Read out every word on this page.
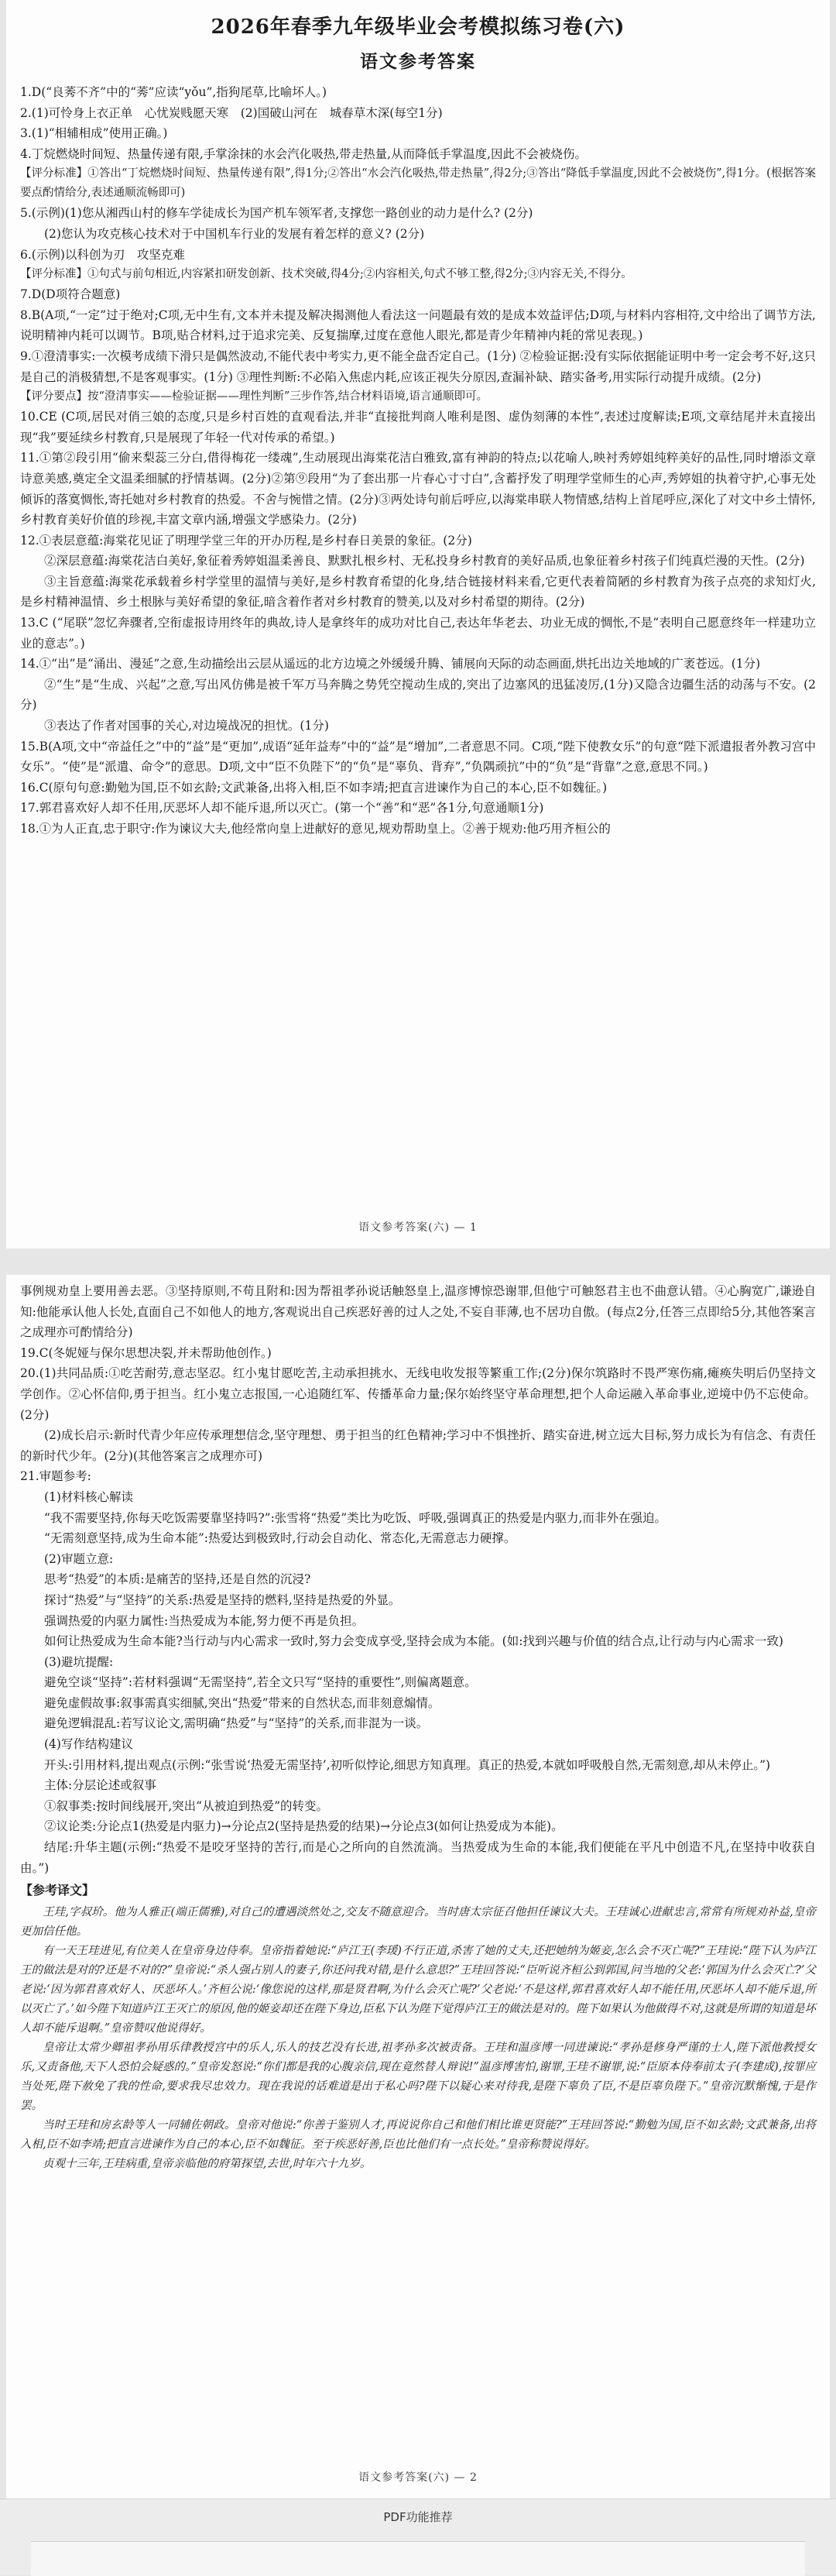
2026年春季九年级毕业会考模拟练习卷(六)
语文参考答案

1.D(“良莠不齐”中的“莠”应读“yǒu”,指狗尾草,比喻坏人。)

2.(1)可怜身上衣正单　心忧炭贱愿天寒　(2)国破山河在　城春草木深(每空1分)

3.(1)“相辅相成”使用正确。)

4.丁烷燃烧时间短、热量传递有限,手掌涂抹的水会汽化吸热,带走热量,从而降低手掌温度,因此不会被烧伤。

【评分标准】①答出“丁烷燃烧时间短、热量传递有限”,得1分;②答出“水会汽化吸热,带走热量”,得2分;③答出“降低手掌温度,因此不会被烧伤”,得1分。(根据答案要点酌情给分,表述通顺流畅即可)

5.(示例)(1)您从湘西山村的修车学徒成长为国产机车领军者,支撑您一路创业的动力是什么? (2分)

(2)您认为攻克核心技术对于中国机车行业的发展有着怎样的意义? (2分)

6.(示例)以科创为刃　攻坚克难

【评分标准】①句式与前句相近,内容紧扣研发创新、技术突破,得4分;②内容相关,句式不够工整,得2分;③内容无关,不得分。

7.D(D项符合题意)

8.B(A项,“一定”过于绝对;C项,无中生有,文本并未提及解决揭测他人看法这一问题最有效的是成本效益评估;D项,与材料内容相符,文中给出了调节方法,说明精神内耗可以调节。B项,贴合材料,过于追求完美、反复揣摩,过度在意他人眼光,都是青少年精神内耗的常见表现。)

9.①澄清事实:一次模考成绩下滑只是偶然波动,不能代表中考实力,更不能全盘否定自己。(1分) ②检验证据:没有实际依据能证明中考一定会考不好,这只是自己的消极猜想,不是客观事实。(1分) ③理性判断:不必陷入焦虑内耗,应该正视失分原因,查漏补缺、踏实备考,用实际行动提升成绩。(2分)

【评分要点】按“澄清事实——检验证据——理性判断”三步作答,结合材料语境,语言通顺即可。

10.CE (C项,居民对俏三娘的态度,只是乡村百姓的直观看法,并非“直接批判商人唯利是图、虚伪刻薄的本性”,表述过度解读;E项,文章结尾并未直接出现“我”要延续乡村教育,只是展现了年轻一代对传承的希望。)

11.①第②段引用“偷来梨蕊三分白,借得梅花一缕魂”,生动展现出海棠花洁白雅致,富有神韵的特点;以花喻人,映衬秀婷姐纯粹美好的品性,同时增添文章诗意美感,奠定全文温柔细腻的抒情基调。(2分)②第⑨段用“为了套出那一片春心寸寸白”,含蓄抒发了明理学堂师生的心声,秀婷姐的执着守护,心事无处倾诉的落寞惆怅,寄托她对乡村教育的热爱。不舍与惋惜之情。(2分)③两处诗句前后呼应,以海棠串联人物情感,结构上首尾呼应,深化了对文中乡土情怀,乡村教育美好价值的珍视,丰富文章内涵,增强文学感染力。(2分)

12.①表层意蕴:海棠花见证了明理学堂三年的开办历程,是乡村春日美景的象征。(2分)

②深层意蕴:海棠花洁白美好,象征着秀婷姐温柔善良、默默扎根乡村、无私投身乡村教育的美好品质,也象征着乡村孩子们纯真烂漫的天性。(2分)

③主旨意蕴:海棠花承载着乡村学堂里的温情与美好,是乡村教育希望的化身,结合链接材料来看,它更代表着简陋的乡村教育为孩子点亮的求知灯火,是乡村精神温情、乡土根脉与美好希望的象征,暗含着作者对乡村教育的赞美,以及对乡村希望的期待。(2分)

13.C (“尾联”忽忆奔骤者,空衔虚报诗用终年的典故,诗人是拿终年的成功对比自己,表达年华老去、功业无成的惆怅,不是“表明自己愿意终年一样建功立业的意志”。)

14.①“出”是“涌出、漫延”之意,生动描绘出云层从遥远的北方边境之外缓缓升腾、铺展向天际的动态画面,烘托出边关地域的广袤苍远。(1分)

②“生”是“生成、兴起”之意,写出风仿佛是被千军万马奔腾之势凭空搅动生成的,突出了边塞风的迅猛凌厉,(1分)又隐含边疆生活的动荡与不安。(2分)

③表达了作者对国事的关心,对边境战况的担忧。(1分)

15.B(A项,文中“帝益任之”中的“益”是“更加”,成语“延年益寿”中的“益”是“增加”,二者意思不同。C项,“陛下使教女乐”的句意“陛下派遣报者外教习宫中女乐”。“使”是“派遣、命令”的意思。D项,文中“臣不负陛下”的“负”是“辜负、背弃”,“负隅顽抗”中的“负”是“背靠”之意,意思不同。)

16.C(原句句意:勤勉为国,臣不如玄龄;文武兼备,出将入相,臣不如李靖;把直言进谏作为自己的本心,臣不如魏征。)

17.郭君喜欢好人却不任用,厌恶坏人却不能斥退,所以灭亡。(第一个“善”和“恶”各1分,句意通顺1分)

18.①为人正直,忠于职守:作为谏议大夫,他经常向皇上进献好的意见,规劝帮助皇上。②善于规劝:他巧用齐桓公的

语文参考答案(六) — 1

事例规劝皇上要用善去恶。③坚持原则,不苟且附和:因为帮祖孝孙说话触怒皇上,温彦博惊恐谢罪,但他宁可触怒君主也不曲意认错。④心胸宽广,谦逊自知:他能承认他人长处,直面自己不如他人的地方,客观说出自己疾恶好善的过人之处,不妄自菲薄,也不居功自傲。(每点2分,任答三点即给5分,其他答案言之成理亦可酌情给分)

19.C(冬妮娅与保尔思想决裂,并未帮助他创作。)

20.(1)共同品质:①吃苦耐劳,意志坚忍。红小鬼甘愿吃苦,主动承担挑水、无线电收发报等繁重工作;(2分)保尔筑路时不畏严寒伤痛,瘫痪失明后仍坚持文学创作。②心怀信仰,勇于担当。红小鬼立志报国,一心追随红军、传播革命力量;保尔始终坚守革命理想,把个人命运融入革命事业,逆境中仍不忘使命。(2分)

(2)成长启示:新时代青少年应传承理想信念,坚守理想、勇于担当的红色精神;学习中不惧挫折、踏实奋进,树立远大目标,努力成长为有信念、有责任的新时代少年。(2分)(其他答案言之成理亦可)

21.审题参考:

(1)材料核心解读

“我不需要坚持,你每天吃饭需要靠坚持吗?”:张雪将“热爱”类比为吃饭、呼吸,强调真正的热爱是内驱力,而非外在强迫。

“无需刻意坚持,成为生命本能”:热爱达到极致时,行动会自动化、常态化,无需意志力硬撑。

(2)审题立意:

思考“热爱”的本质:是痛苦的坚持,还是自然的沉浸?

探讨“热爱”与“坚持”的关系:热爱是坚持的燃料,坚持是热爱的外显。

强调热爱的内驱力属性:当热爱成为本能,努力便不再是负担。

如何让热爱成为生命本能?当行动与内心需求一致时,努力会变成享受,坚持会成为本能。(如:找到兴趣与价值的结合点,让行动与内心需求一致)

(3)避坑提醒:

避免空谈“坚持”:若材料强调“无需坚持”,若全文只写“坚持的重要性”,则偏离题意。

避免虚假故事:叙事需真实细腻,突出“热爱”带来的自然状态,而非刻意煽情。

避免逻辑混乱:若写议论文,需明确“热爱”与“坚持”的关系,而非混为一谈。

(4)写作结构建议

开头:引用材料,提出观点(示例:“张雪说‘热爱无需坚持’,初听似悖论,细思方知真理。真正的热爱,本就如呼吸般自然,无需刻意,却从未停止。”)

主体:分层论述或叙事

①叙事类:按时间线展开,突出“从被迫到热爱”的转变。

②议论类:分论点1(热爱是内驱力)→分论点2(坚持是热爱的结果)→分论点3(如何让热爱成为本能)。

结尾:升华主题(示例:“热爱不是咬牙坚持的苦行,而是心之所向的自然流淌。当热爱成为生命的本能,我们便能在平凡中创造不凡,在坚持中收获自由。”)

【参考译文】

王珪,字叔玠。他为人雅正(端正儒雅),对自己的遭遇淡然处之,交友不随意迎合。当时唐太宗征召他担任谏议大夫。王珪诚心进献忠言,常常有所规劝补益,皇帝更加信任他。

有一天王珪进见,有位美人在皇帝身边侍奉。皇帝指着她说:“庐江王(李瑗)不行正道,杀害了她的丈夫,还把她纳为姬妾,怎么会不灭亡呢?”王珪说:“陛下认为庐江王的做法是对的?还是不对的?”皇帝说:“杀人强占别人的妻子,你还问我对错,是什么意思?”王珪回答说:“臣听说齐桓公到郭国,问当地的父老:‘郭国为什么会灭亡?’父老说:‘因为郭君喜欢好人、厌恶坏人。’齐桓公说:‘像您说的这样,那是贤君啊,为什么会灭亡呢?’父老说:‘不是这样,郭君喜欢好人却不能任用,厌恶坏人却不能斥退,所以灭亡了。’如今陛下知道庐江王灭亡的原因,他的姬妾却还在陛下身边,臣私下认为陛下觉得庐江王的做法是对的。陛下如果认为他做得不对,这就是所谓的知道是坏人却不能斥退啊。”皇帝赞叹他说得好。

皇帝让太常少卿祖孝孙用乐律教授宫中的乐人,乐人的技艺没有长进,祖孝孙多次被责备。王珪和温彦博一同进谏说:“孝孙是修身严谨的士人,陛下派他教授女乐,又责备他,天下人恐怕会疑惑的。”皇帝发怒说:“你们都是我的心腹亲信,现在竟然替人辩说!”温彦博害怕,谢罪,王珪不谢罪,说:“臣原本侍奉前太子(李建成),按罪应当处死,陛下赦免了我的性命,要求我尽忠效力。现在我说的话难道是出于私心吗?陛下以疑心来对待我,是陛下辜负了臣,不是臣辜负陛下。”皇帝沉默惭愧,于是作罢。

当时王珪和房玄龄等人一同辅佐朝政。皇帝对他说:“你善于鉴别人才,再说说你自己和他们相比谁更贤能?”王珪回答说:“勤勉为国,臣不如玄龄;文武兼备,出将入相,臣不如李靖;把直言进谏作为自己的本心,臣不如魏征。至于疾恶好善,臣也比他们有一点长处。”皇帝称赞说得好。

贞观十三年,王珪病重,皇帝亲临他的府第探望,去世,时年六十九岁。

语文参考答案(六) — 2
PDF功能推荐
